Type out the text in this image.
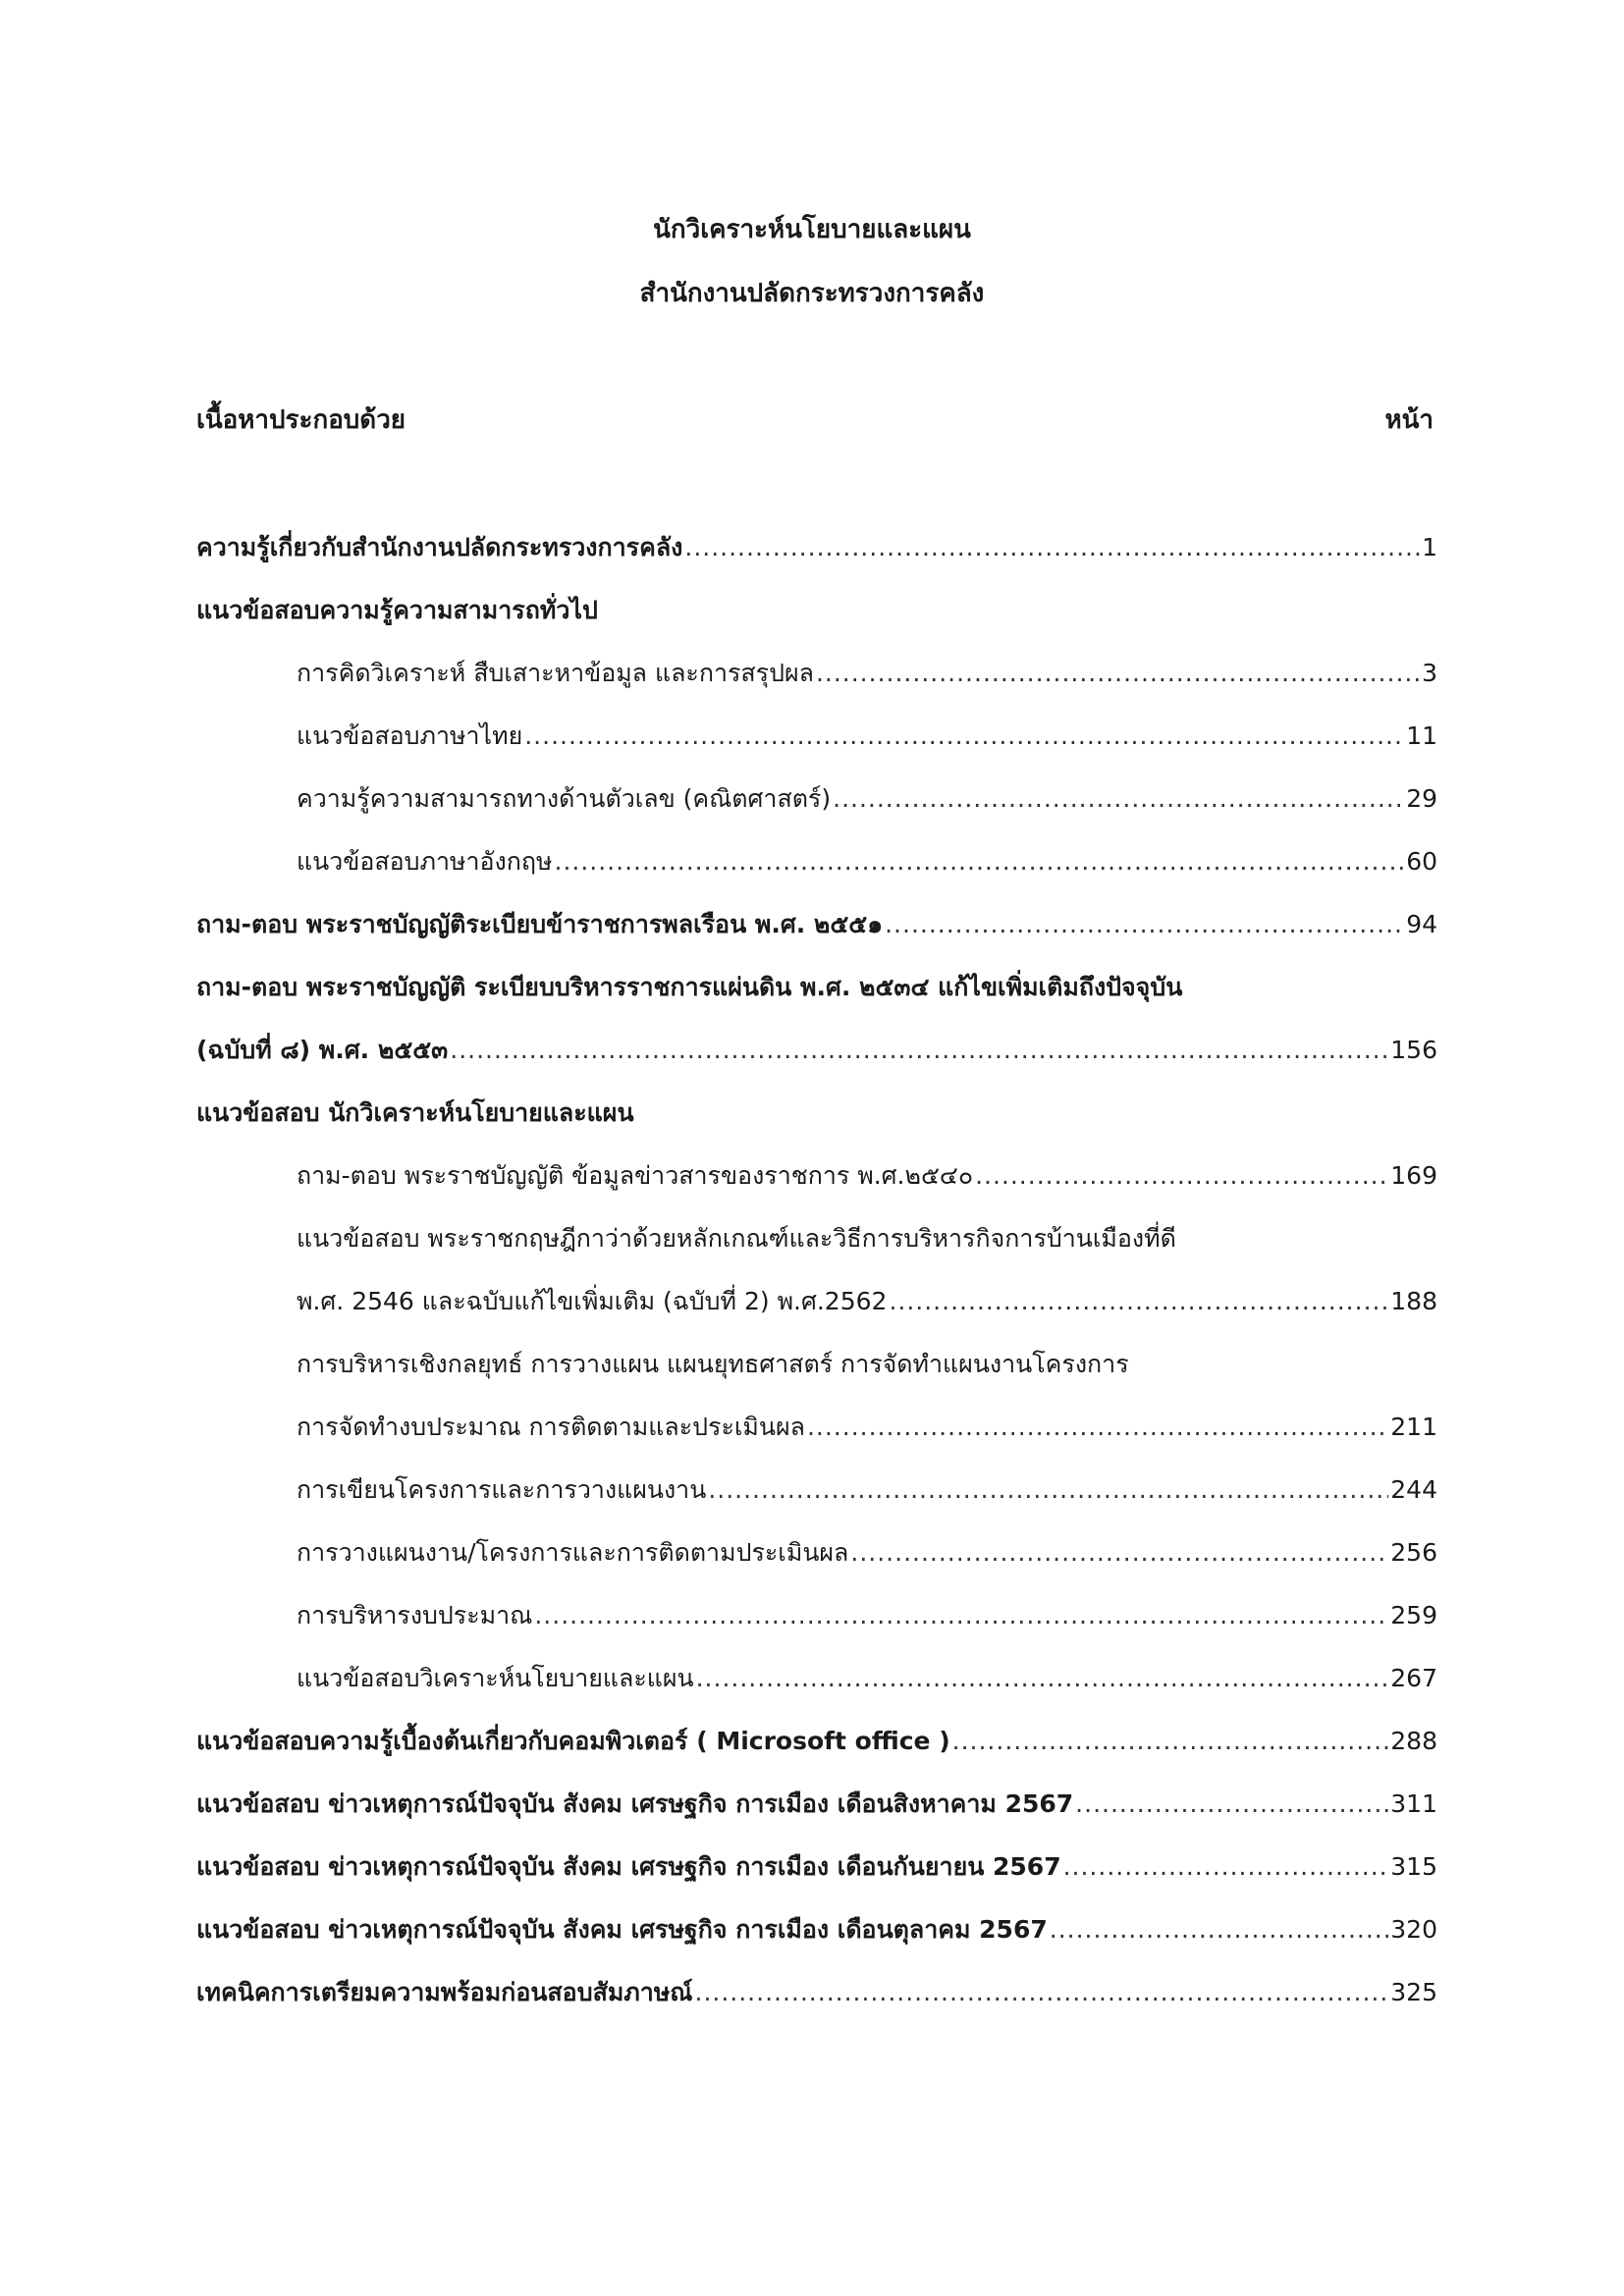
นักวิเคราะห์นโยบายและแผน
สำนักงานปลัดกระทรวงการคลัง
เนื้อหาประกอบด้วย	หน้า
ความรู้เกี่ยวกับสำนักงานปลัดกระทรวงการคลัง .....	1
แนวข้อสอบความรู้ความสามารถทั่วไป
การคิดวิเคราะห์ สืบเสาะหาข้อมูล และการสรุปผล .....	3
แนวข้อสอบภาษาไทย .....	11
ความรู้ความสามารถทางด้านตัวเลข (คณิตศาสตร์) .....	29
แนวข้อสอบภาษาอังกฤษ .....	60
ถาม-ตอบ พระราชบัญญัติระเบียบข้าราชการพลเรือน พ.ศ. ๒๕๕๑ .....	94
ถาม-ตอบ พระราชบัญญัติ ระเบียบบริหารราชการแผ่นดิน พ.ศ. ๒๕๓๔ แก้ไขเพิ่มเติมถึงปัจจุบัน
(ฉบับที่ ๘) พ.ศ. ๒๕๕๓ .....	156
แนวข้อสอบ นักวิเคราะห์นโยบายและแผน
ถาม-ตอบ พระราชบัญญัติ ข้อมูลข่าวสารของราชการ พ.ศ.๒๕๔๐ .....	169
แนวข้อสอบ พระราชกฤษฎีกาว่าด้วยหลักเกณฑ์และวิธีการบริหารกิจการบ้านเมืองที่ดี
พ.ศ. 2546 และฉบับแก้ไขเพิ่มเติม (ฉบับที่ 2) พ.ศ.2562 .....	188
การบริหารเชิงกลยุทธ์ การวางแผน แผนยุทธศาสตร์ การจัดทำแผนงานโครงการ
การจัดทำงบประมาณ การติดตามและประเมินผล .....	211
การเขียนโครงการและการวางแผนงาน .....	244
การวางแผนงาน/โครงการและการติดตามประเมินผล .....	256
การบริหารงบประมาณ .....	259
แนวข้อสอบวิเคราะห์นโยบายและแผน .....	267
แนวข้อสอบความรู้เบื้องต้นเกี่ยวกับคอมพิวเตอร์ ( Microsoft office ) .....	288
แนวข้อสอบ ข่าวเหตุการณ์ปัจจุบัน สังคม เศรษฐกิจ การเมือง เดือนสิงหาคาม 2567 .....	311
แนวข้อสอบ ข่าวเหตุการณ์ปัจจุบัน สังคม เศรษฐกิจ การเมือง เดือนกันยายน 2567 .....	315
แนวข้อสอบ ข่าวเหตุการณ์ปัจจุบัน สังคม เศรษฐกิจ การเมือง เดือนตุลาคม 2567 .....	320
เทคนิคการเตรียมความพร้อมก่อนสอบสัมภาษณ์ .....	325
